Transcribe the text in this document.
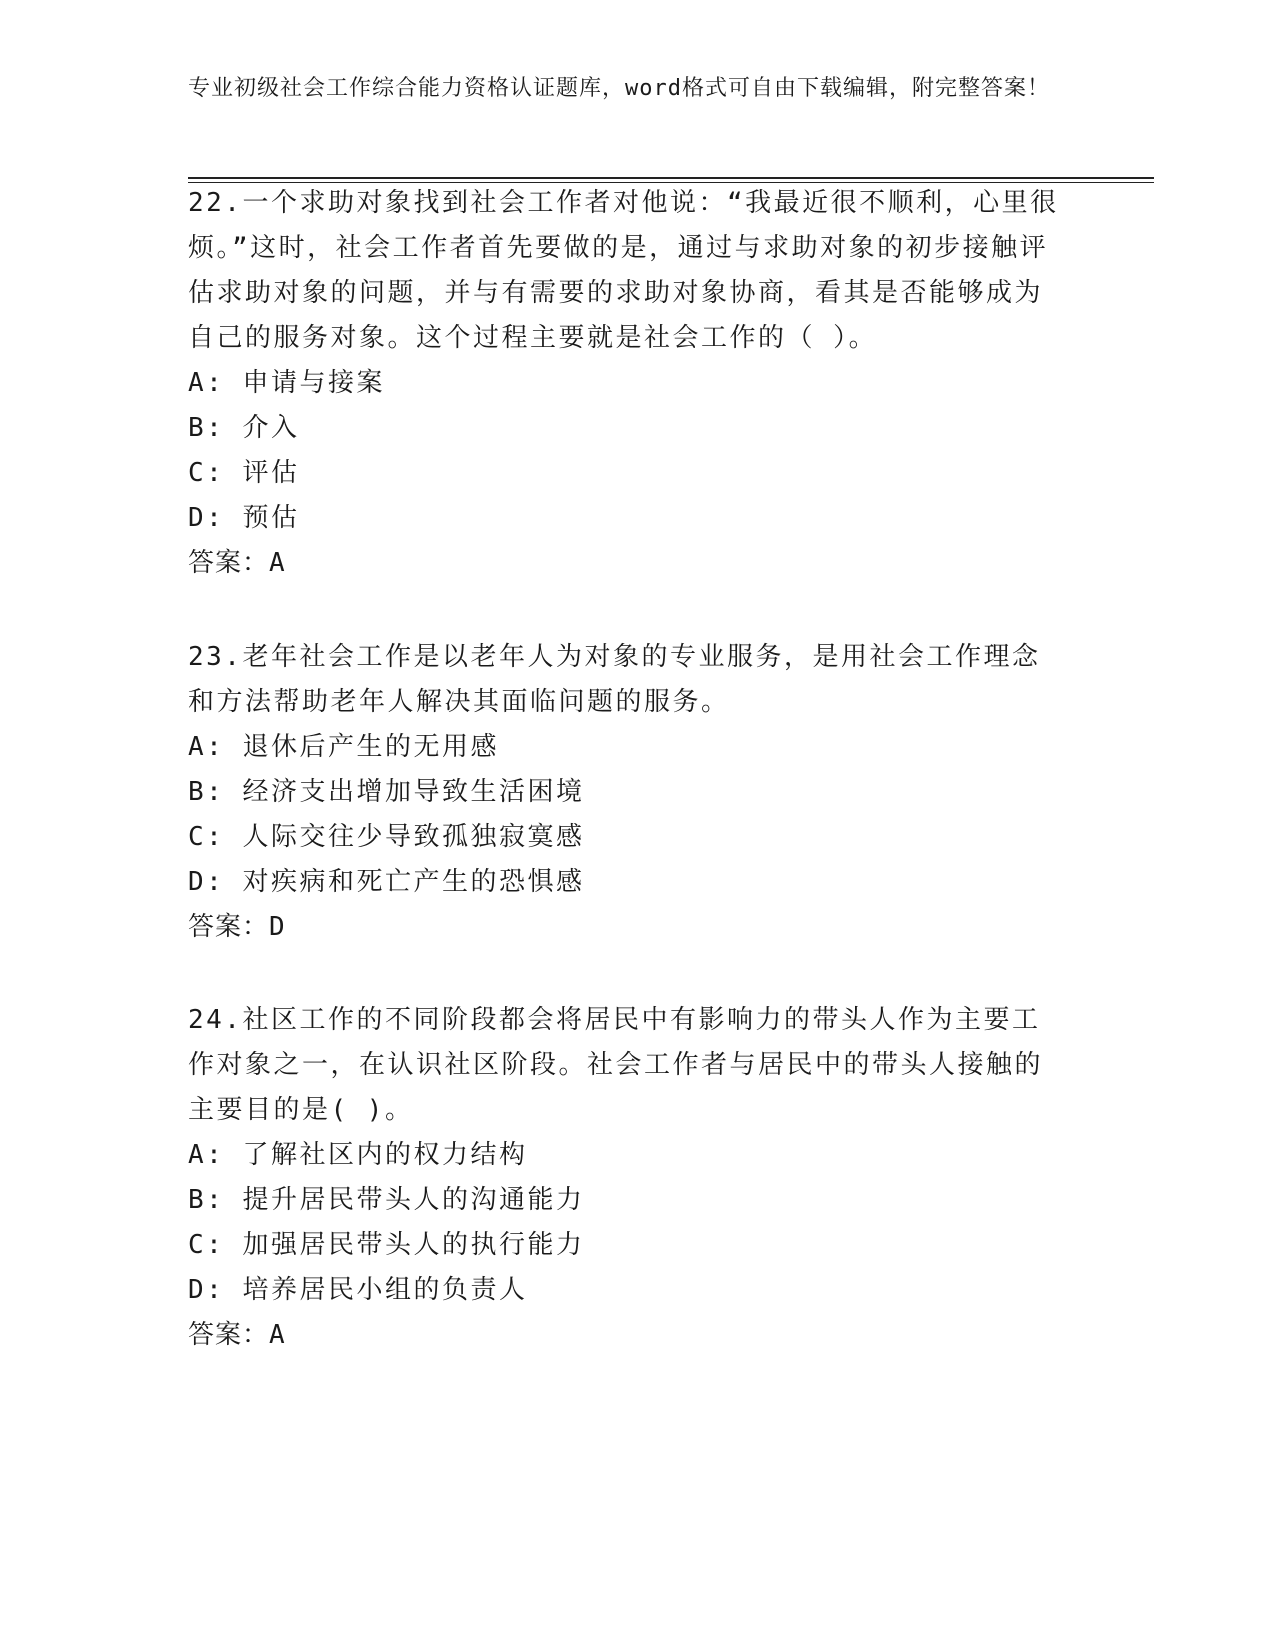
专业初级社会工作综合能力资格认证题库，word格式可自由下载编辑，附完整答案！

22.一个求助对象找到社会工作者对他说：“我最近很不顺利，心里很烦。”这时，社会工作者首先要做的是，通过与求助对象的初步接触评估求助对象的问题，并与有需要的求助对象协商，看其是否能够成为自己的服务对象。这个过程主要就是社会工作的（ ）。

A: 申请与接案

B: 介入

C: 评估

D: 预估

答案：A

23.老年社会工作是以老年人为对象的专业服务，是用社会工作理念和方法帮助老年人解决其面临问题的服务。

A: 退休后产生的无用感

B: 经济支出增加导致生活困境

C: 人际交往少导致孤独寂寞感

D: 对疾病和死亡产生的恐惧感

答案：D

24.社区工作的不同阶段都会将居民中有影响力的带头人作为主要工作对象之一，在认识社区阶段。社会工作者与居民中的带头人接触的主要目的是( )。

A: 了解社区内的权力结构

B: 提升居民带头人的沟通能力

C: 加强居民带头人的执行能力

D: 培养居民小组的负责人

答案：A
